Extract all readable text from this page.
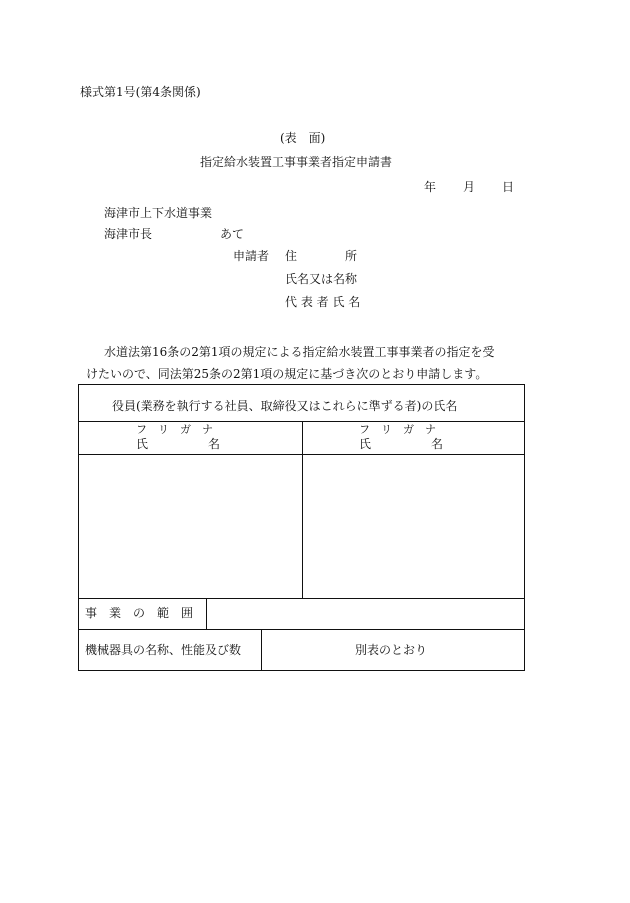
様式第1号(第4条関係)
(表　面)
指定給水装置工事事業者指定申請書
年 月 日
海津市上下水道事業
海津市長	あて
申請者 住　　　　所
氏名又は名称
代 表 者 氏 名
水道法第16条の2第1項の規定による指定給水装置工事事業者の指定を受
けたいので、同法第25条の2第1項の規定に基づき次のとおり申請します。
役員(業務を執行する社員、取締役又はこれらに準ずる者)の氏名
フ　リ　ガ　ナ
氏　　　　　名
フ　リ　ガ　ナ
氏　　　　　名
事　業　の　範　囲
機械器具の名称、性能及び数	別表のとおり
